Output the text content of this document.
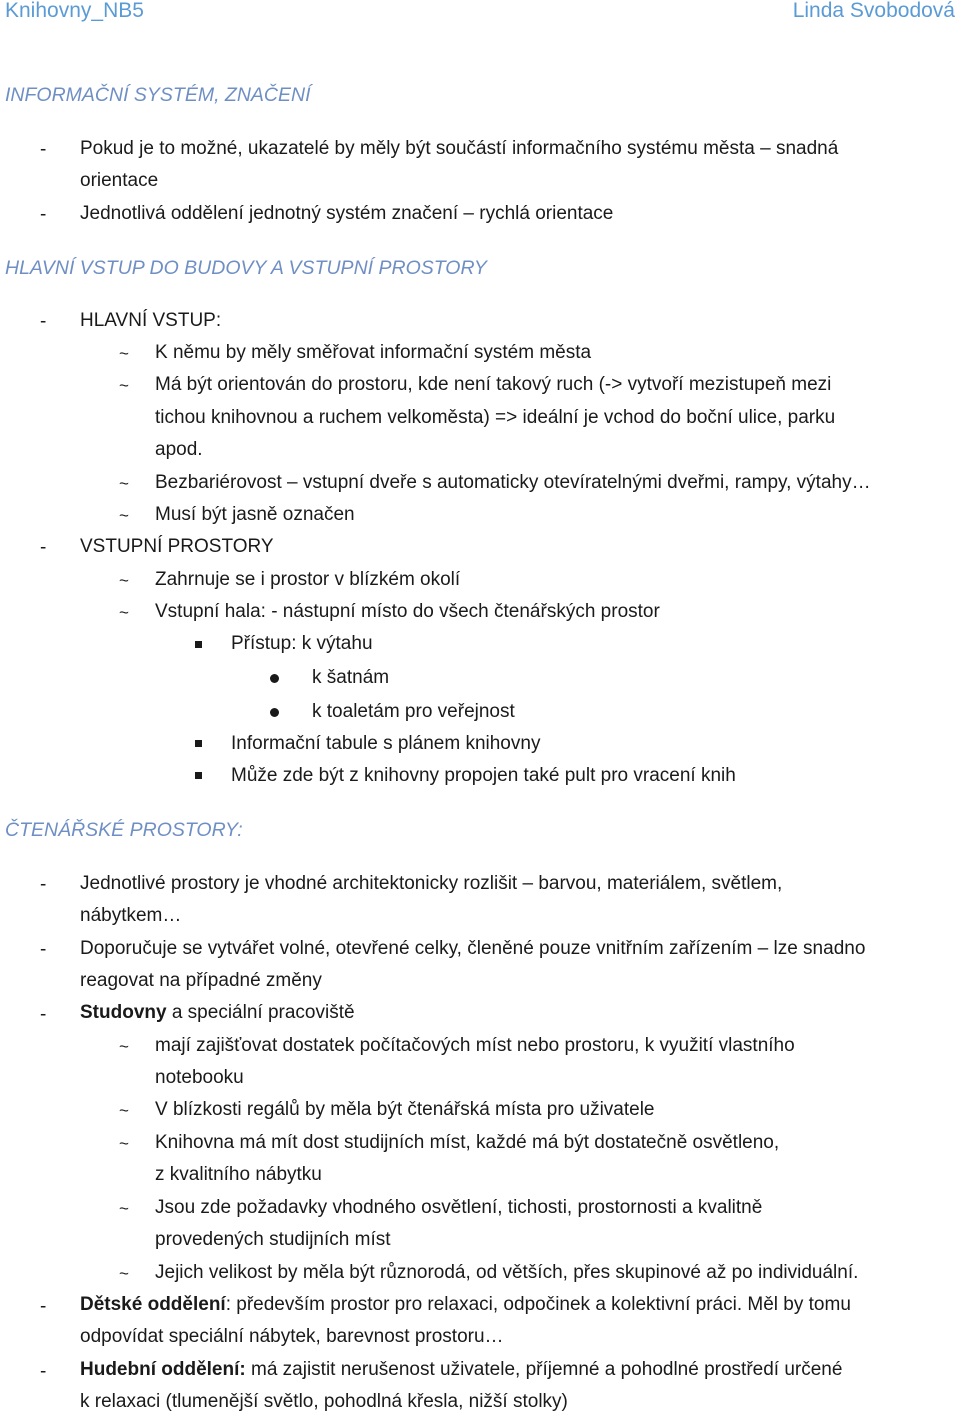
Knihovny_NB5	Linda Svobodová
INFORMAČNÍ SYSTÉM, ZNAČENÍ
- Pokud je to možné, ukazatelé by měly být součástí informačního systému města – snadná
orientace
- Jednotlivá oddělení jednotný systém značení – rychlá orientace
HLAVNÍ VSTUP DO BUDOVY A VSTUPNÍ PROSTORY
- HLAVNÍ VSTUP:
~ K němu by měly směřovat informační systém města
~ Má být orientován do prostoru, kde není takový ruch (-> vytvoří mezistupeň mezi
tichou knihovnou a ruchem velkoměsta) => ideální je vchod do boční ulice, parku
apod.
~ Bezbariérovost – vstupní dveře s automaticky otevíratelnými dveřmi, rampy, výtahy…
~ Musí být jasně označen
- VSTUPNÍ PROSTORY
~ Zahrnuje se i prostor v blízkém okolí
~ Vstupní hala: - nástupní místo do všech čtenářských prostor
Přístup: k výtahu
k šatnám
k toaletám pro veřejnost
Informační tabule s plánem knihovny
Může zde být z knihovny propojen také pult pro vracení knih
ČTENÁŘSKÉ PROSTORY:
- Jednotlivé prostory je vhodné architektonicky rozlišit – barvou, materiálem, světlem,
nábytkem…
- Doporučuje se vytvářet volné, otevřené celky, členěné pouze vnitřním zařízením – lze snadno
reagovat na případné změny
- Studovny a speciální pracoviště
~ mají zajišťovat dostatek počítačových míst nebo prostoru, k využití vlastního
notebooku
~ V blízkosti regálů by měla být čtenářská místa pro uživatele
~ Knihovna má mít dost studijních míst, každé má být dostatečně osvětleno,
z kvalitního nábytku
~ Jsou zde požadavky vhodného osvětlení, tichosti, prostornosti a kvalitně
provedených studijních míst
~ Jejich velikost by měla být různorodá, od větších, přes skupinové až po individuální.
- Dětské oddělení: především prostor pro relaxaci, odpočinek a kolektivní práci. Měl by tomu
odpovídat speciální nábytek, barevnost prostoru…
- Hudební oddělení: má zajistit nerušenost uživatele, příjemné a pohodlné prostředí určené
k relaxaci (tlumenější světlo, pohodlná křesla, nižší stolky)
